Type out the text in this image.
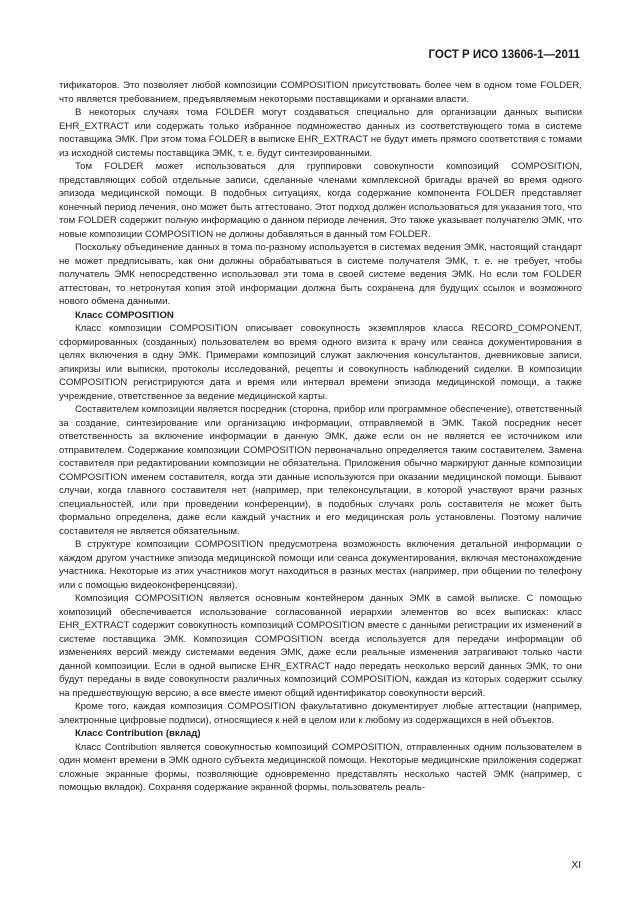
ГОСТ Р ИСО 13606-1—2011

тификаторов. Это позволяет любой композиции COMPOSITION присутствовать более чем в одном томе FOLDER, что является требованием, предъявляемым некоторыми поставщиками и органами власти.

В некоторых случаях тома FOLDER могут создаваться специально для организации данных выписки EHR_EXTRACT или содержать только избранное подмножество данных из соответствующего тома в системе поставщика ЭМК. При этом тома FOLDER в выписке EHR_EXTRACT не будут иметь прямого соответствия с томами из исходной системы поставщика ЭМК, т. е. будут синтезированными.

Том FOLDER может использоваться для группировки совокупности композиций COMPOSITION, представляющих собой отдельные записи, сделанные членами комплексной бригады врачей во время одного эпизода медицинской помощи. В подобных ситуациях, когда содержание компонента FOLDER представляет конечный период лечения, оно может быть аттестовано. Этот подход должен использоваться для указания того, что том FOLDER содержит полную информацию о данном периоде лечения. Это также указывает получателю ЭМК, что новые композиции COMPOSITION не должны добавляться в данный том FOLDER.

Поскольку объединение данных в тома по-разному используется в системах ведения ЭМК, настоящий стандарт не может предписывать, как они должны обрабатываться в системе получателя ЭМК, т. е. не требует, чтобы получатель ЭМК непосредственно использовал эти тома в своей системе ведения ЭМК. Но если том FOLDER аттестован, то нетронутая копия этой информации должна быть сохранена для будущих ссылок и возможного нового обмена данными.

Класс COMPOSITION

Класс композиции COMPOSITION описывает совокупность экземпляров класса RECORD_COMPONENT, сформированных (созданных) пользователем во время одного визита к врачу или сеанса документирования в целях включения в одну ЭМК. Примерами композиций служат заключения консультантов, дневниковые записи, эпикризы или выписки, протоколы исследований, рецепты и совокупность наблюдений сиделки. В композиции COMPOSITION регистрируются дата и время или интервал времени эпизода медицинской помощи, а также учреждение, ответственное за ведение медицинской карты.

Составителем композиции является посредник (сторона, прибор или программное обеспечение), ответственный за создание, синтезирование или организацию информации, отправляемой в ЭМК. Такой посредник несет ответственность за включение информации в данную ЭМК, даже если он не является ее источником или отправителем. Содержание композиции COMPOSITION первоначально определяется таким составителем. Замена составителя при редактировании композиции не обязательна. Приложения обычно маркируют данные композиции COMPOSITION именем составителя, когда эти данные используются при оказании медицинской помощи. Бывают случаи, когда главного составителя нет (например, при телеконсультации, в которой участвуют врачи разных специальностей, или при проведении конференции), в подобных случаях роль составителя не может быть формально определена, даже если каждый участник и его медицинская роль установлены. Поэтому наличие составителя не является обязательным.

В структуре композиции COMPOSITION предусмотрена возможность включения детальной информации о каждом другом участнике эпизода медицинской помощи или сеанса документирования, включая местонахождение участника. Некоторые из этих участников могут находиться в разных местах (например, при общении по телефону или с помощью видеоконференцсвязи).

Композиция COMPOSITION является основным контейнером данных ЭМК в самой выписке. С помощью композиций обеспечивается использование согласованной иерархии элементов во всех выписках: класс EHR_EXTRACT содержит совокупность композиций COMPOSITION вместе с данными регистрации их изменений в системе поставщика ЭМК. Композиция COMPOSITION всегда используется для передачи информации об изменениях версий между системами ведения ЭМК, даже если реальные изменения затрагивают только части данной композиции. Если в одной выписке EHR_EXTRACT надо передать несколько версий данных ЭМК, то они будут переданы в виде совокупности различных композиций COMPOSITION, каждая из которых содержит ссылку на предшествующую версию, а все вместе имеют общий идентификатор совокупности версий.

Кроме того, каждая композиция COMPOSITION факультативно документирует любые аттестации (например, электронные цифровые подписи), относящиеся к ней в целом или к любому из содержащихся в ней объектов.

Класс Contribution (вклад)

Класс Contribution является совокупностью композиций COMPOSITION, отправленных одним пользователем в один момент времени в ЭМК одного субъекта медицинской помощи. Некоторые медицинские приложения содержат сложные экранные формы, позволяющие одновременно представлять несколько частей ЭМК (например, с помощью вкладок). Сохраняя содержание экранной формы, пользователь реаль-

XI
